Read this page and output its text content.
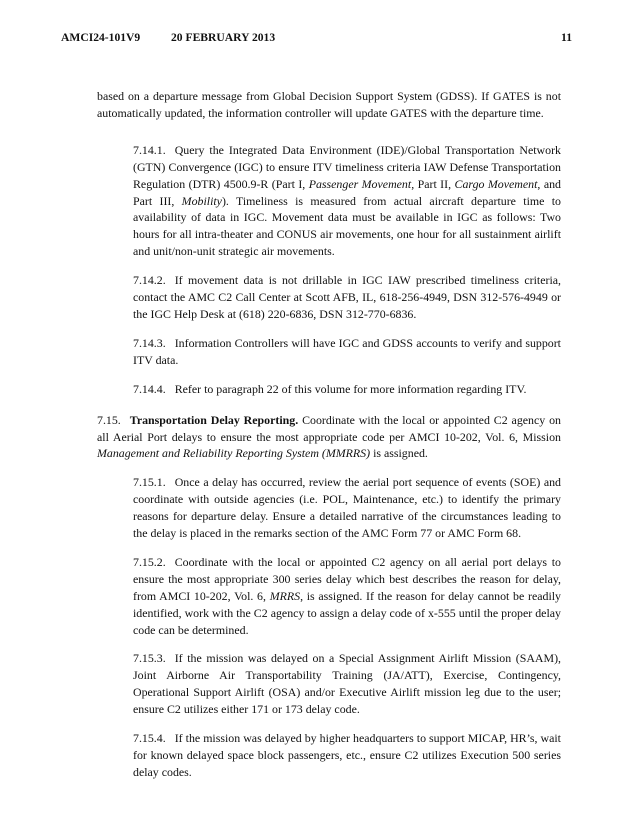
AMCI24-101V9	20 FEBRUARY 2013	11

based on a departure message from Global Decision Support System (GDSS). If GATES is not automatically updated, the information controller will update GATES with the departure time.

7.14.1. Query the Integrated Data Environment (IDE)/Global Transportation Network (GTN) Convergence (IGC) to ensure ITV timeliness criteria IAW Defense Transportation Regulation (DTR) 4500.9-R (Part I, Passenger Movement, Part II, Cargo Movement, and Part III, Mobility). Timeliness is measured from actual aircraft departure time to availability of data in IGC. Movement data must be available in IGC as follows: Two hours for all intra-theater and CONUS air movements, one hour for all sustainment airlift and unit/non-unit strategic air movements.

7.14.2. If movement data is not drillable in IGC IAW prescribed timeliness criteria, contact the AMC C2 Call Center at Scott AFB, IL, 618-256-4949, DSN 312-576-4949 or the IGC Help Desk at (618) 220-6836, DSN 312-770-6836.

7.14.3. Information Controllers will have IGC and GDSS accounts to verify and support ITV data.

7.14.4. Refer to paragraph 22 of this volume for more information regarding ITV.

7.15. Transportation Delay Reporting. Coordinate with the local or appointed C2 agency on all Aerial Port delays to ensure the most appropriate code per AMCI 10-202, Vol. 6, Mission Management and Reliability Reporting System (MMRRS) is assigned.

7.15.1. Once a delay has occurred, review the aerial port sequence of events (SOE) and coordinate with outside agencies (i.e. POL, Maintenance, etc.) to identify the primary reasons for departure delay. Ensure a detailed narrative of the circumstances leading to the delay is placed in the remarks section of the AMC Form 77 or AMC Form 68.

7.15.2. Coordinate with the local or appointed C2 agency on all aerial port delays to ensure the most appropriate 300 series delay which best describes the reason for delay, from AMCI 10-202, Vol. 6, MRRS, is assigned. If the reason for delay cannot be readily identified, work with the C2 agency to assign a delay code of x-555 until the proper delay code can be determined.

7.15.3. If the mission was delayed on a Special Assignment Airlift Mission (SAAM), Joint Airborne Air Transportability Training (JA/ATT), Exercise, Contingency, Operational Support Airlift (OSA) and/or Executive Airlift mission leg due to the user; ensure C2 utilizes either 171 or 173 delay code.

7.15.4. If the mission was delayed by higher headquarters to support MICAP, HR’s, wait for known delayed space block passengers, etc., ensure C2 utilizes Execution 500 series delay codes.
